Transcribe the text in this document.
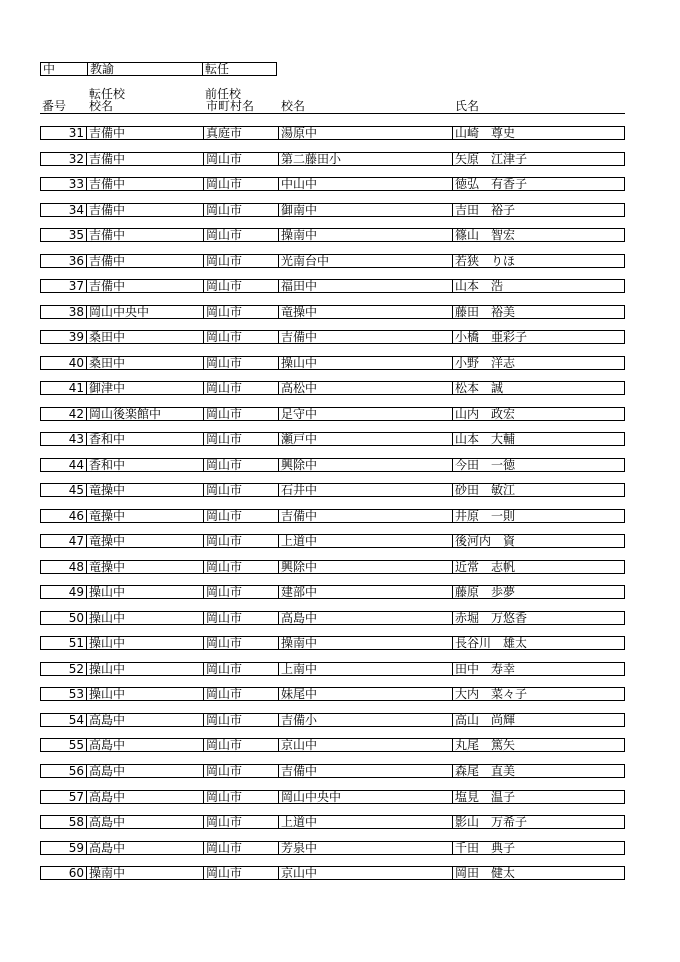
中	教諭	転任
転任校	前任校
番号 校名	市町村名 校名	氏名
31 吉備中	真庭市	湯原中	山崎　尊史
32 吉備中	岡山市	第二藤田小	矢原　江津子
33 吉備中	岡山市	中山中	徳弘　有香子
34 吉備中	岡山市	御南中	吉田　裕子
35 吉備中	岡山市	操南中	篠山　智宏
36 吉備中	岡山市	光南台中	若狭　りほ
37 吉備中	岡山市	福田中	山本　浩
38 岡山中央中	岡山市	竜操中	藤田　裕美
39 桑田中	岡山市	吉備中	小橋　亜彩子
40 桑田中	岡山市	操山中	小野　洋志
41 御津中	岡山市	高松中	松本　誠
42 岡山後楽館中	岡山市	足守中	山内　政宏
43 香和中	岡山市	瀬戸中	山本　大輔
44 香和中	岡山市	興除中	今田　一徳
45 竜操中	岡山市	石井中	砂田　敏江
46 竜操中	岡山市	吉備中	井原　一則
47 竜操中	岡山市	上道中	後河内　資
48 竜操中	岡山市	興除中	近常　志帆
49 操山中	岡山市	建部中	藤原　歩夢
50 操山中	岡山市	高島中	赤堀　万悠香
51 操山中	岡山市	操南中	長谷川　雄太
52 操山中	岡山市	上南中	田中　寿幸
53 操山中	岡山市	妹尾中	大内　菜々子
54 高島中	岡山市	吉備小	高山　尚輝
55 高島中	岡山市	京山中	丸尾　篤矢
56 高島中	岡山市	吉備中	森尾　直美
57 高島中	岡山市	岡山中央中	塩見　温子
58 高島中	岡山市	上道中	影山　万希子
59 高島中	岡山市	芳泉中	千田　典子
60 操南中	岡山市	京山中	岡田　健太
